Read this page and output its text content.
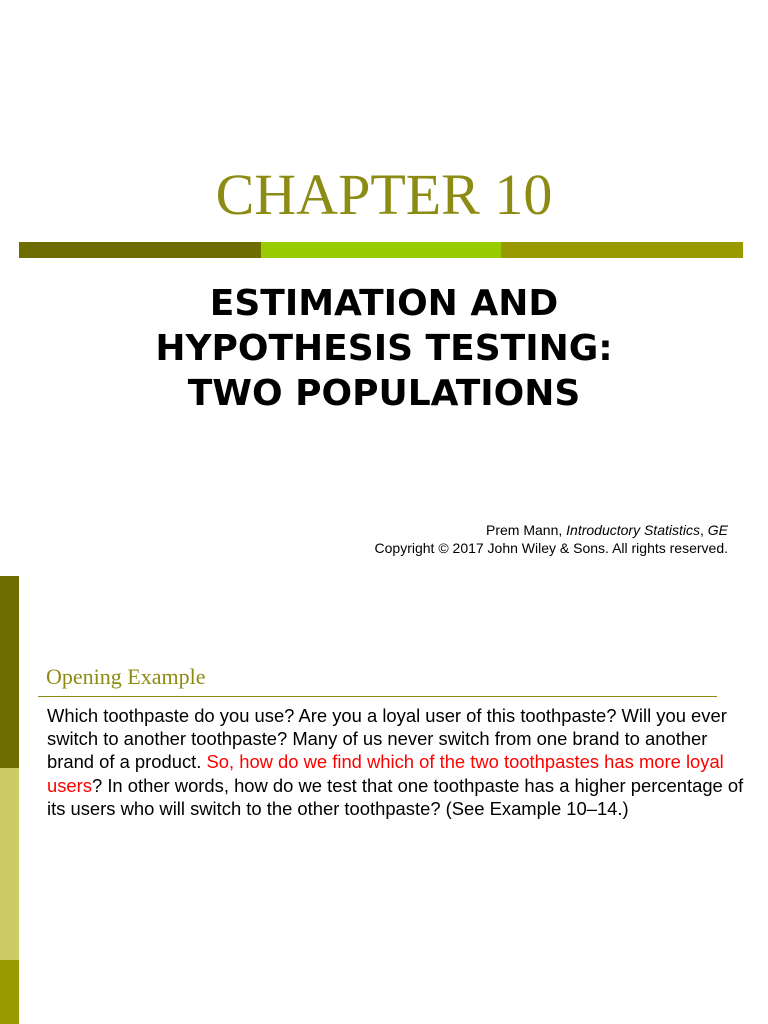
CHAPTER 10
ESTIMATION AND
HYPOTHESIS TESTING:
TWO POPULATIONS
Prem Mann, Introductory Statistics, GE
Copyright © 2017 John Wiley & Sons. All rights reserved.
Opening Example
Which toothpaste do you use? Are you a loyal user of this toothpaste? Will you ever switch to another toothpaste? Many of us never switch from one brand to another brand of a product. So, how do we find which of the two toothpastes has more loyal users? In other words, how do we test that one toothpaste has a higher percentage of its users who will switch to the other toothpaste? (See Example 10–14.)
